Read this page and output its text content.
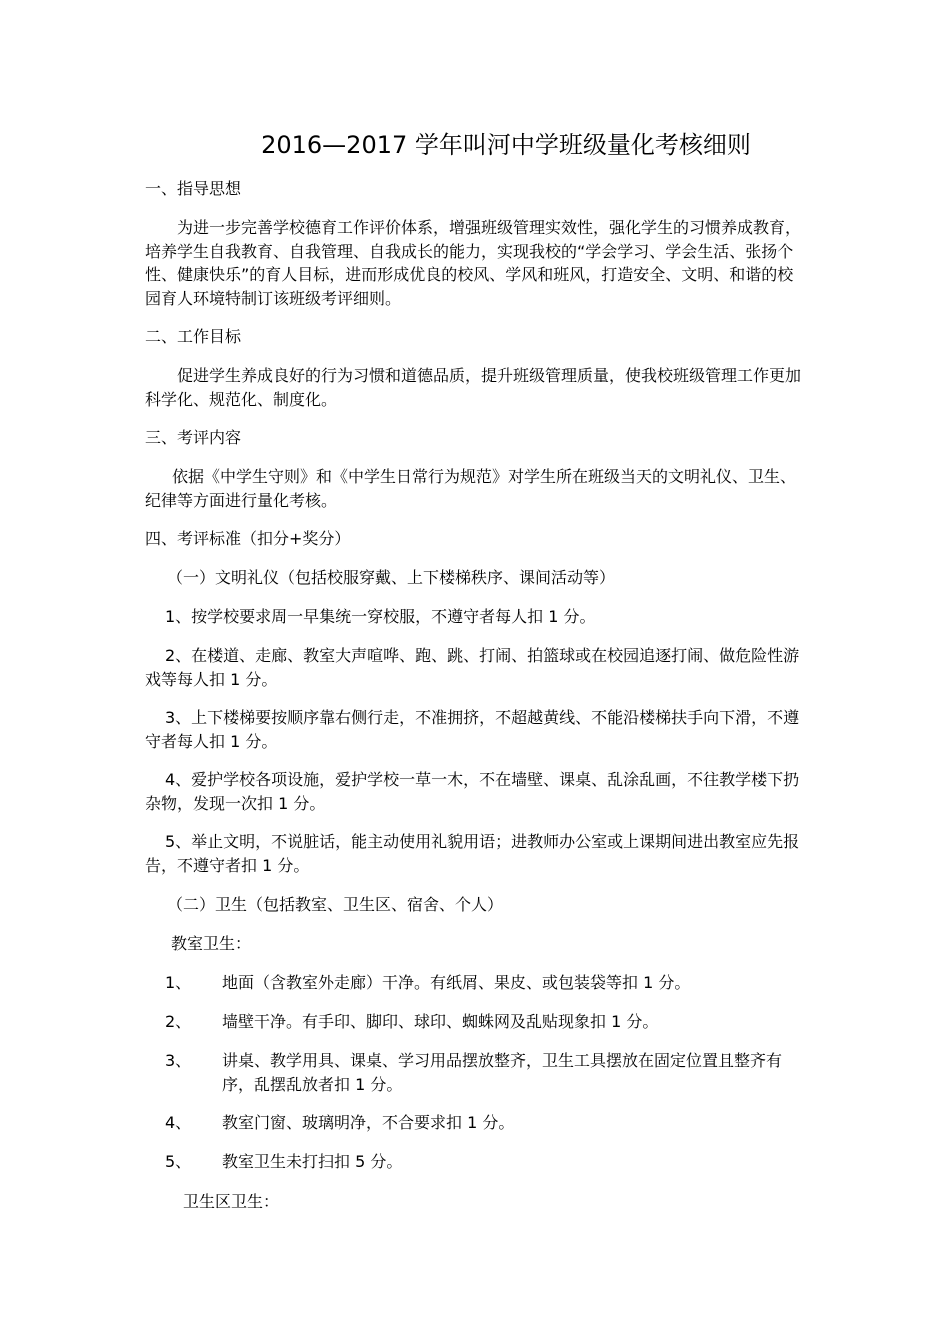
2016—2017 学年叫河中学班级量化考核细则
一、指导思想
为进一步完善学校德育工作评价体系，增强班级管理实效性，强化学生的习惯养成教育，培养学生自我教育、自我管理、自我成长的能力，实现我校的“学会学习、学会生活、张扬个性、健康快乐”的育人目标，进而形成优良的校风、学风和班风，打造安全、文明、和谐的校园育人环境特制订该班级考评细则。
二、工作目标
促进学生养成良好的行为习惯和道德品质，提升班级管理质量，使我校班级管理工作更加科学化、规范化、制度化。
三、考评内容
依据《中学生守则》和《中学生日常行为规范》对学生所在班级当天的文明礼仪、卫生、纪律等方面进行量化考核。
四、考评标准（扣分+奖分）
（一）文明礼仪（包括校服穿戴、上下楼梯秩序、课间活动等）
1、按学校要求周一早集统一穿校服，不遵守者每人扣 1 分。
2、在楼道、走廊、教室大声喧哗、跑、跳、打闹、拍篮球或在校园追逐打闹、做危险性游戏等每人扣 1 分。
3、上下楼梯要按顺序靠右侧行走，不准拥挤，不超越黄线、不能沿楼梯扶手向下滑，不遵守者每人扣 1 分。
4、爱护学校各项设施，爱护学校一草一木，不在墙壁、课桌、乱涂乱画，不往教学楼下扔杂物，发现一次扣 1 分。
5、举止文明，不说脏话，能主动使用礼貌用语；进教师办公室或上课期间进出教室应先报告，不遵守者扣 1 分。
（二）卫生（包括教室、卫生区、宿舍、个人）
教室卫生：
1、 地面（含教室外走廊）干净。有纸屑、果皮、或包装袋等扣 1 分。
2、 墙壁干净。有手印、脚印、球印、蜘蛛网及乱贴现象扣 1 分。
3、 讲桌、教学用具、课桌、学习用品摆放整齐，卫生工具摆放在固定位置且整齐有序，乱摆乱放者扣 1 分。
4、 教室门窗、玻璃明净，不合要求扣 1 分。
5、 教室卫生未打扫扣 5 分。
卫生区卫生：
